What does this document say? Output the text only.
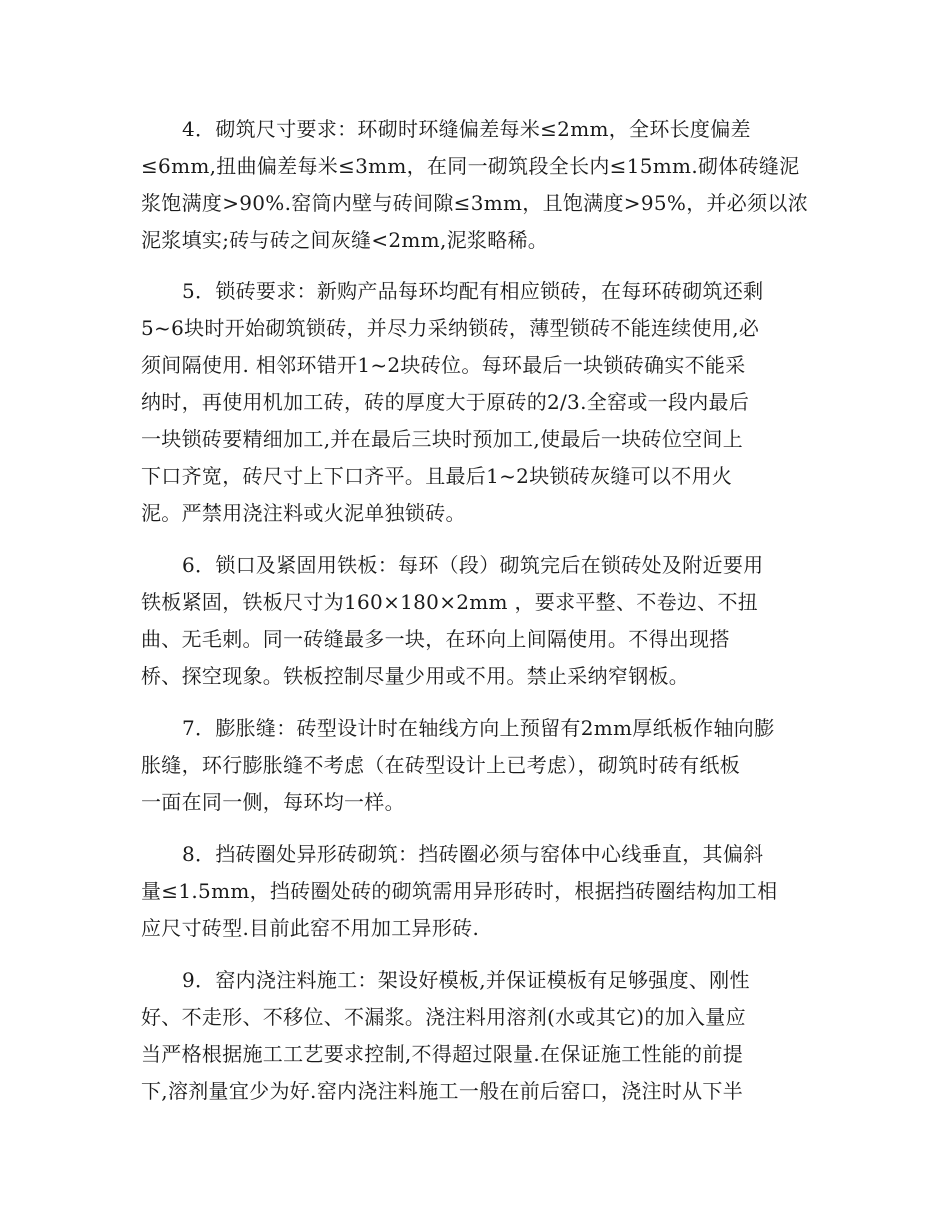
4．砌筑尺寸要求：环砌时环缝偏差每米≤2mm，全环长度偏差
≤6mm,扭曲偏差每米≤3mm，在同一砌筑段全长内≤15mm.砌体砖缝泥
浆饱满度>90%.窑筒内壁与砖间隙≤3mm，且饱满度>95%，并必须以浓
泥浆填实;砖与砖之间灰缝<2mm,泥浆略稀。
5．锁砖要求：新购产品每环均配有相应锁砖，在每环砖砌筑还剩
5~6块时开始砌筑锁砖，并尽力采纳锁砖，薄型锁砖不能连续使用,必
须间隔使用. 相邻环错开1~2块砖位。每环最后一块锁砖确实不能采
纳时，再使用机加工砖，砖的厚度大于原砖的2/3.全窑或一段内最后
一块锁砖要精细加工,并在最后三块时预加工,使最后一块砖位空间上
下口齐宽，砖尺寸上下口齐平。且最后1~2块锁砖灰缝可以不用火
泥。严禁用浇注料或火泥单独锁砖。
6．锁口及紧固用铁板：每环（段）砌筑完后在锁砖处及附近要用
铁板紧固，铁板尺寸为160×180×2mm ，要求平整、不卷边、不扭
曲、无毛刺。同一砖缝最多一块，在环向上间隔使用。不得出现搭
桥、探空现象。铁板控制尽量少用或不用。禁止采纳窄钢板。
7．膨胀缝：砖型设计时在轴线方向上预留有2mm厚纸板作轴向膨
胀缝，环行膨胀缝不考虑（在砖型设计上已考虑），砌筑时砖有纸板
一面在同一侧，每环均一样。
8．挡砖圈处异形砖砌筑：挡砖圈必须与窑体中心线垂直，其偏斜
量≤1.5mm，挡砖圈处砖的砌筑需用异形砖时，根据挡砖圈结构加工相
应尺寸砖型.目前此窑不用加工异形砖.
9．窑内浇注料施工：架设好模板,并保证模板有足够强度、刚性
好、不走形、不移位、不漏浆。浇注料用溶剂(水或其它)的加入量应
当严格根据施工工艺要求控制,不得超过限量.在保证施工性能的前提
下,溶剂量宜少为好.窑内浇注料施工一般在前后窑口，浇注时从下半
